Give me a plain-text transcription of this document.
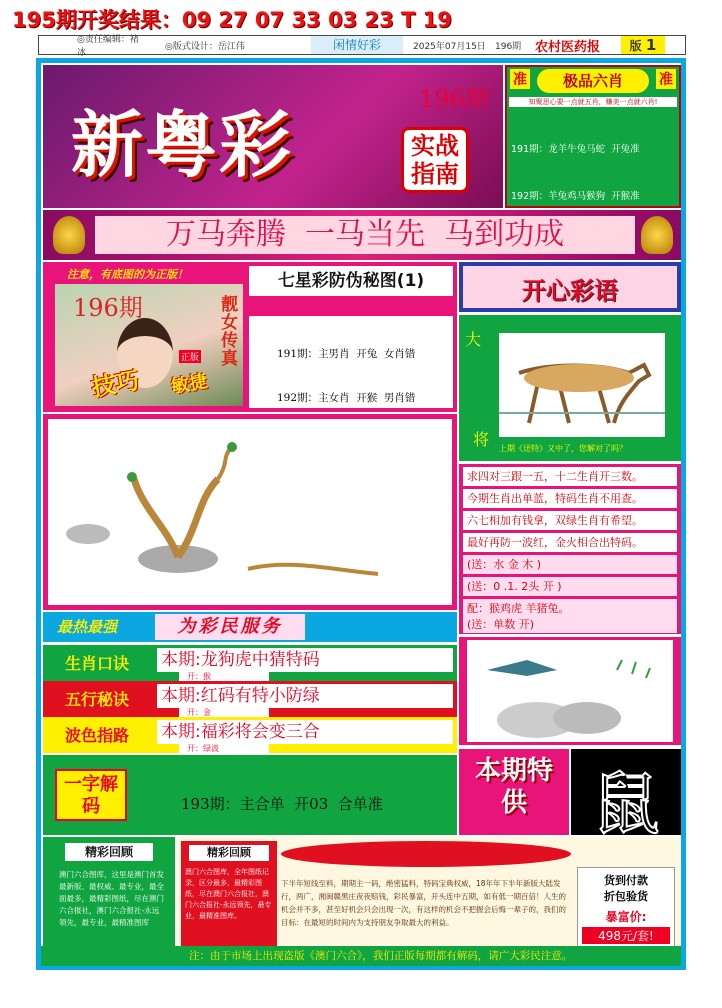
195期开奖结果：09 27 07 33 03 23 T 19
◎责任编辑：褚 冰
◎版式设计：岳江伟	闲情好彩	2025年07月15日	196期	农村医药报	版 1
新粤彩
196期
实战指南
准	准
极品六肖
知聚思心要一点就五肖，赚美一点就六肖!

191期：龙羊牛兔马蛇  开兔准

192期：羊兔鸡马猴狗  开猴准

万马奔腾  一马当先  马到功成
注意，有底图的为正版！
196期	靓女传真
正版
技巧 敏捷
七星彩防伪秘图(1)

191期：主男肖  开兔  女肖错

192期：主女肖  开猴  男肖错

开心彩语
大
将 上期《送特》又中了，您解对了吗？
求四对三跟一五，十二生肖开三数。
今期生肖出单蓝，特码生肖不用查。
六七相加有钱拿，双绿生肖有希望。
最好再防一波红，金火相合出特码。
(送：水 金 木 )
(送：0 .1. 2头 开 )
配：猴鸡虎 羊猪兔。
(送：单数 开)
最热最强	为彩民服务
生肖口诀 本期:龙狗虎中猜特码
开：猴
五行秘诀 本期:红码有特小防绿
开：金
波色指路 本期:福彩将会变三合
开：绿波
一字解码

	193期：主合单  开03  合单准

本期特供 鼠
精彩回顾
澳门六合图库，这里是澳门首发最新版、最权威、最专业，最全面最多，最精彩图纸，尽在澳门六合报社，澳门六合报社-永远领先，最专业，最精准图库
精彩回顾
澳门六合图库，全年图纸记录，区分最多，最精彩图纸，尽在澳门六合报社，澳门六合报社-永远领先，最专业，最精准图库。
下半年短线至料，期期主一码，绝密猛料，特码宝典权威，18年年下半年新版大陆发行，两广，湘闽赣黑庄夜夜赔钱，彩民暴富，开头连中五期，如有低一期百倍！人生的机会并不多，甚至好机会只会出现一次，有这样的机会不把握会后悔一辈子的，我们的目标：在最短的时间内为支持朋友争取最大的利益。
货到付款
折包验货
暴富价:
498元/套!
注：由于市场上出现盗版《澳门六合》，我们正版每期都有解码，请广大彩民注意。
